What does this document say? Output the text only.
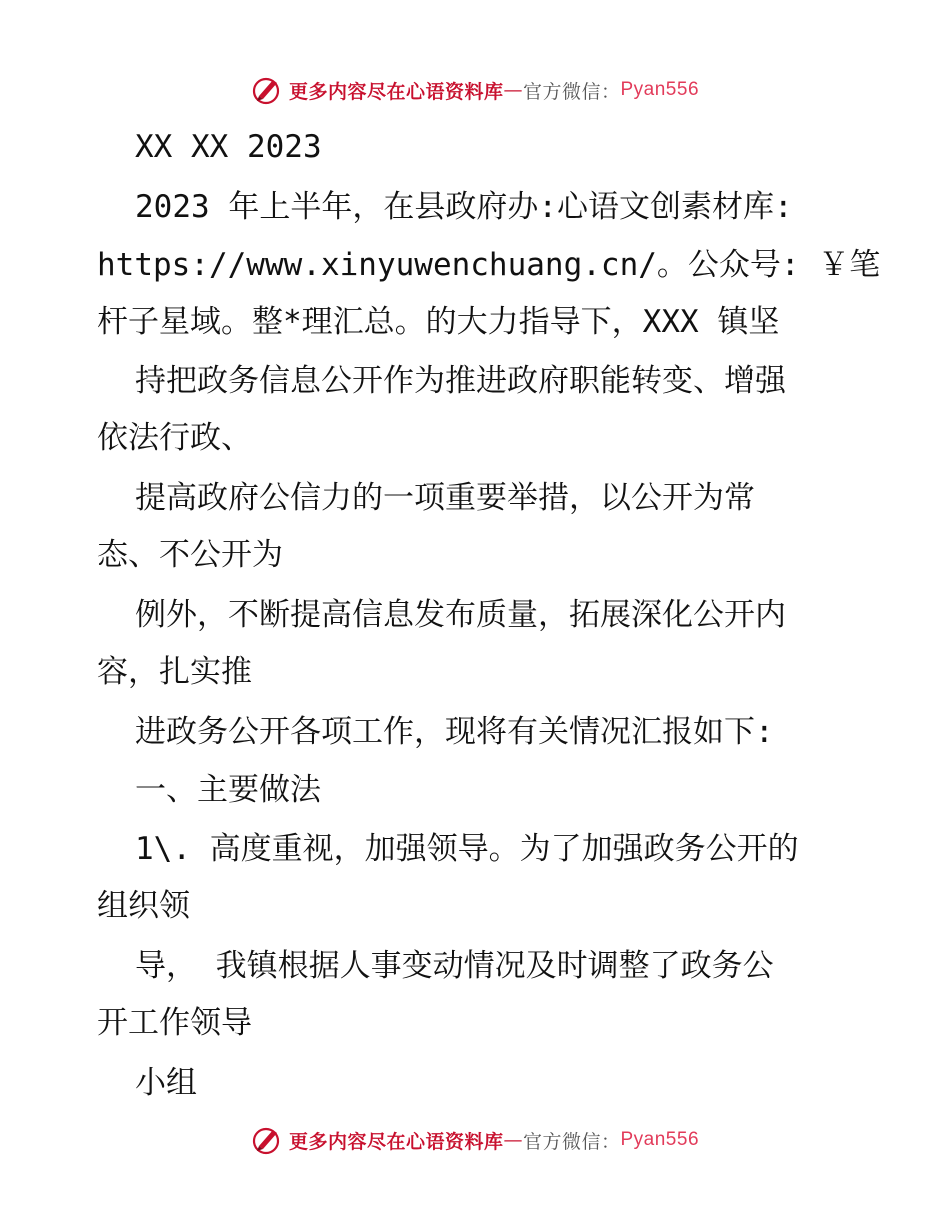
更多内容尽在心语资料库 — 官方微信： Pyan556
XX XX 2023
2023 年上半年，在县政府办:心语文创素材库:
https://www.xinyuwenchuang.cn/。公众号: ￥笔
杆子星域。整*理汇总。的大力指导下，XXX 镇坚
持把政务信息公开作为推进政府职能转变、增强
依法行政、
提高政府公信力的一项重要举措，以公开为常
态、不公开为
例外，不断提高信息发布质量，拓展深化公开内
容，扎实推
进政务公开各项工作，现将有关情况汇报如下:
一、主要做法
1\. 高度重视，加强领导。为了加强政务公开的
组织领
导， 我镇根据人事变动情况及时调整了政务公
开工作领导
小组
更多内容尽在心语资料库 — 官方微信： Pyan556
